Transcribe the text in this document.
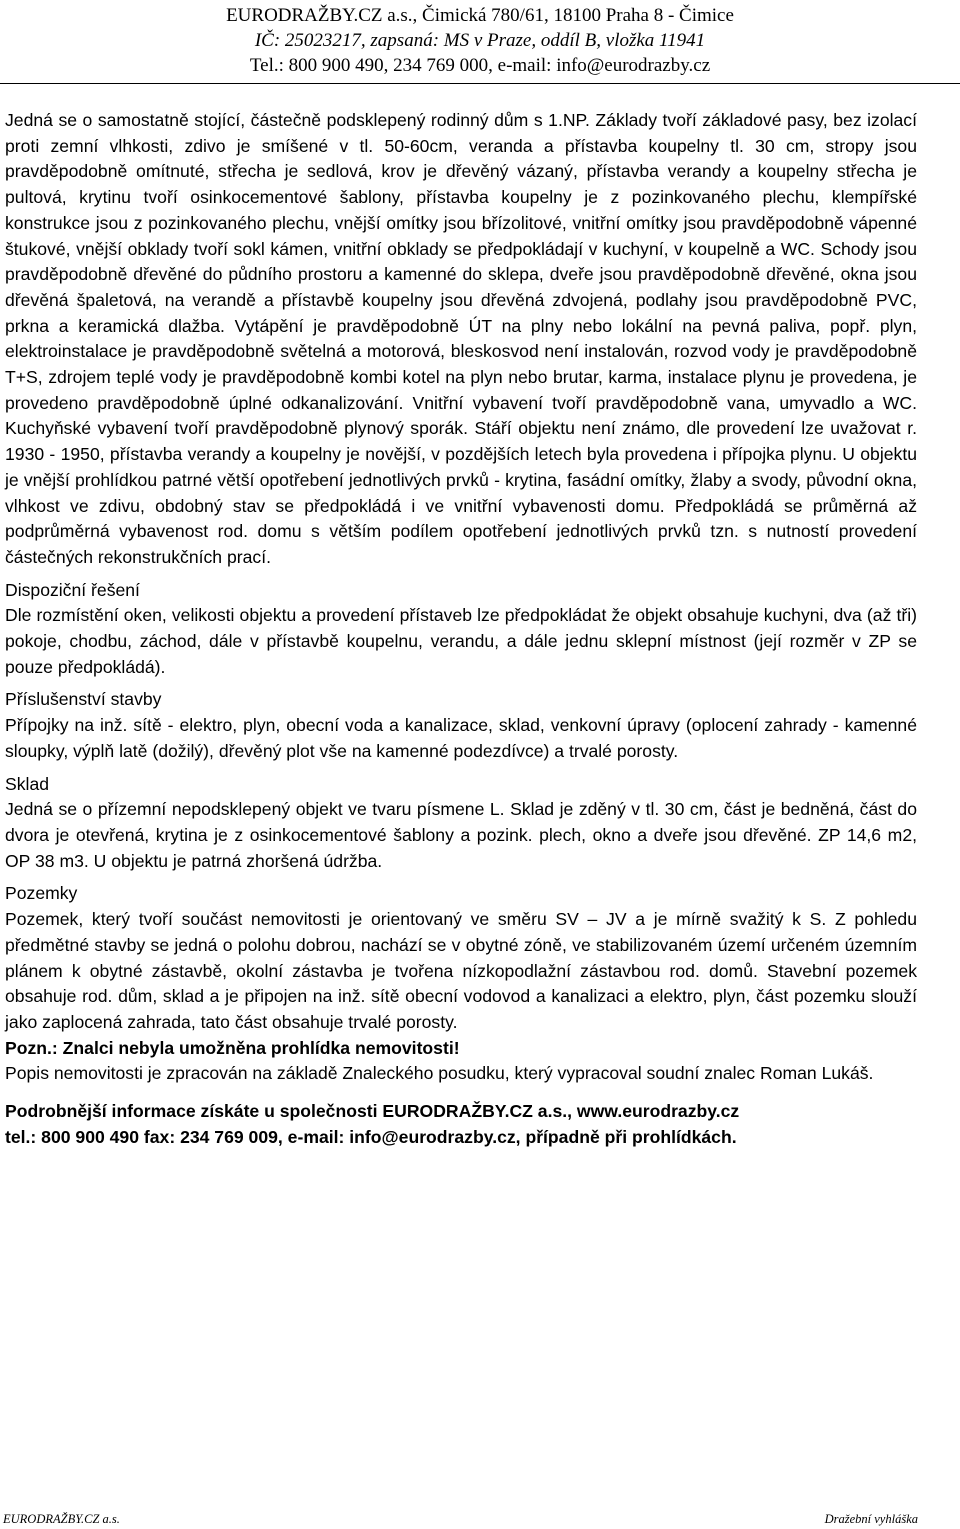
EURODRAŽBY.CZ a.s., Čimická 780/61, 18100 Praha 8 - Čimice
IČ: 25023217, zapsaná: MS v Praze, oddíl B, vložka 11941
Tel.: 800 900 490, 234 769 000, e-mail: info@eurodrazby.cz

Jedná se o samostatně stojící, částečně podsklepený rodinný dům s 1.NP. Základy tvoří základové pasy, bez izolací proti zemní vlhkosti, zdivo je smíšené v tl. 50-60cm, veranda a přístavba koupelny tl. 30 cm, stropy jsou pravděpodobně omítnuté, střecha je sedlová, krov je dřevěný vázaný, přístavba verandy a koupelny střecha je pultová, krytinu tvoří osinkocementové šablony, přístavba koupelny je z pozinkovaného plechu, klempířské konstrukce jsou z pozinkovaného plechu, vnější omítky jsou břízolitové, vnitřní omítky jsou pravděpodobně vápenné štukové, vnější obklady tvoří sokl kámen, vnitřní obklady se předpokládají v kuchyní, v koupelně a WC. Schody jsou pravděpodobně dřevěné do půdního prostoru a kamenné do sklepa, dveře jsou pravděpodobně dřevěné, okna jsou dřevěná špaletová, na verandě a přístavbě koupelny jsou dřevěná zdvojená, podlahy jsou pravděpodobně PVC, prkna a keramická dlažba. Vytápění je pravděpodobně ÚT na plny nebo lokální na pevná paliva, popř. plyn, elektroinstalace je pravděpodobně světelná a motorová, bleskosvod není instalován, rozvod vody je pravděpodobně T+S, zdrojem teplé vody je pravděpodobně kombi kotel na plyn nebo brutar, karma, instalace plynu je provedena, je provedeno pravděpodobně úplné odkanalizování. Vnitřní vybavení tvoří pravděpodobně vana, umyvadlo a WC. Kuchyňské vybavení tvoří pravděpodobně plynový sporák. Stáří objektu není známo, dle provedení lze uvažovat r. 1930 - 1950, přístavba verandy a koupelny je novější, v pozdějších letech byla provedena i přípojka plynu. U objektu je vnější prohlídkou patrné větší opotřebení jednotlivých prvků - krytina, fasádní omítky, žlaby a svody, původní okna, vlhkost ve zdivu, obdobný stav se předpokládá i ve vnitřní vybavenosti domu. Předpokládá se průměrná až podprůměrná vybavenost rod. domu s větším podílem opotřebení jednotlivých prvků tzn. s nutností provedení částečných rekonstrukčních prací.

Dispoziční řešení

Dle rozmístění oken, velikosti objektu a provedení přístaveb lze předpokládat že objekt obsahuje kuchyni, dva (až tři) pokoje, chodbu, záchod, dále v přístavbě koupelnu, verandu, a dále jednu sklepní místnost (její rozměr v ZP se pouze předpokládá).

Příslušenství stavby

Přípojky na inž. sítě - elektro, plyn, obecní voda a kanalizace, sklad, venkovní úpravy (oplocení zahrady - kamenné sloupky, výplň latě (dožilý), dřevěný plot vše na kamenné podezdívce) a trvalé porosty.

Sklad

Jedná se o přízemní nepodsklepený objekt ve tvaru písmene L. Sklad je zděný v tl. 30 cm, část je bedněná, část do dvora je otevřená, krytina je z osinkocementové šablony a pozink. plech, okno a dveře jsou dřevěné. ZP 14,6 m2, OP 38 m3. U objektu je patrná zhoršená údržba.

Pozemky

Pozemek, který tvoří součást nemovitosti je orientovaný ve směru SV – JV a je mírně svažitý k S. Z pohledu předmětné stavby se jedná o polohu dobrou, nachází se v obytné zóně, ve stabilizovaném území určeném územním plánem k obytné zástavbě, okolní zástavba je tvořena nízkopodlažní zástavbou rod. domů. Stavební pozemek obsahuje rod. dům, sklad a je připojen na inž. sítě obecní vodovod a kanalizaci a elektro, plyn, část pozemku slouží jako zaplocená zahrada, tato část obsahuje trvalé porosty.

Pozn.: Znalci nebyla umožněna prohlídka nemovitosti!

Popis nemovitosti je zpracován na základě Znaleckého posudku, který vypracoval soudní znalec Roman Lukáš.

Podrobnější informace získáte u společnosti EURODRAŽBY.CZ a.s., www.eurodrazby.cz
tel.: 800 900 490 fax: 234 769 009, e-mail: info@eurodrazby.cz, případně při prohlídkách.
EURODRAŽBY.CZ a.s.	Dražební vyhláška
